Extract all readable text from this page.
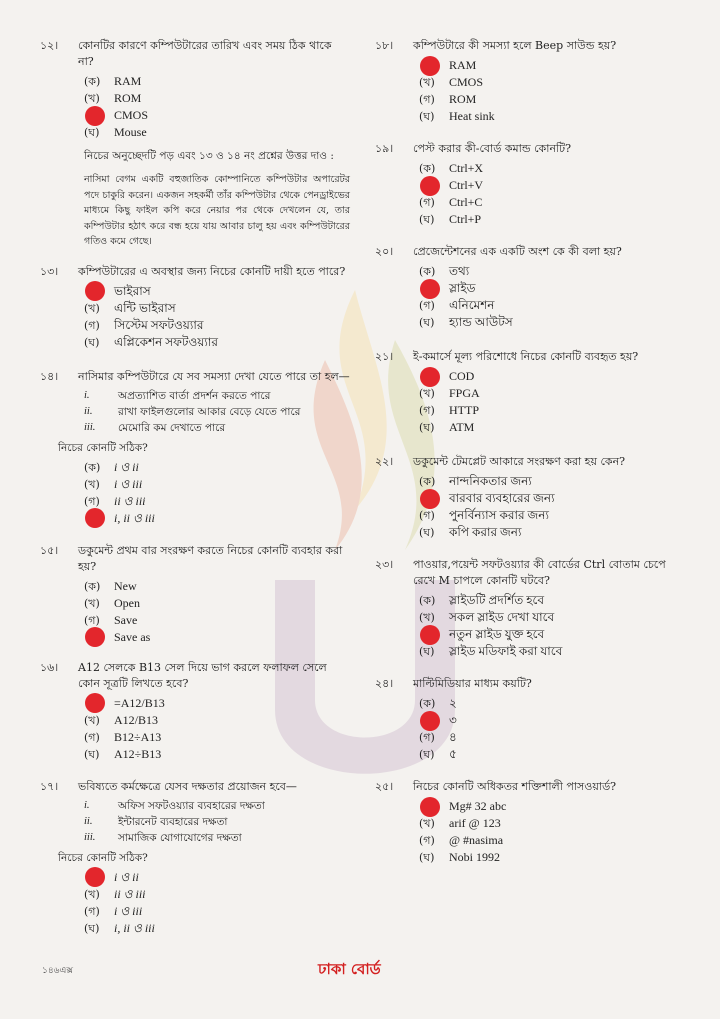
১২।	কোনটির কারণে কম্পিউটারের তারিখ এবং সময় ঠিক থাকে না?
(ক)	RAM
(খ)	ROM
CMOS
(ঘ)	Mouse
নিচের অনুচ্ছেদটি পড় এবং ১৩ ও ১৪ নং প্রশ্নের উত্তর দাও :
নাসিমা বেগম একটি বহুজাতিক কোম্পানিতে কম্পিউটার অপারেটর পদে চাকুরি করেন। একজন সহকর্মী তাঁর কম্পিউটার থেকে পেনড্রাইভের মাধ্যমে কিছু ফাইল কপি করে নেয়ার পর থেকে দেখলেন যে, তার কম্পিউটার হঠাৎ করে বন্ধ হয়ে যায় আবার চালু হয় এবং কম্পিউটারের গতিও কমে গেছে।
১৩।	কম্পিউটারের এ অবস্থার জন্য নিচের কোনটি দায়ী হতে পারে?
ভাইরাস
(খ)	এন্টি ভাইরাস
(গ)	সিস্টেম সফটওয়্যার
(ঘ)	এপ্লিকেশন সফটওয়্যার
১৪।	নাসিমার কম্পিউটারে যে সব সমস্যা দেখা যেতে পারে তা হল—
i.	অপ্রত্যাশিত বার্তা প্রদর্শন করতে পারে
ii.	রাখা ফাইলগুলোর আকার বেড়ে যেতে পারে
iii.	মেমোরি কম দেখাতে পারে
নিচের কোনটি সঠিক?
(ক)	i ও ii
(খ)	i ও iii
(গ)	ii ও iii
i, ii ও iii
১৫।	ডকুমেন্ট প্রথম বার সংরক্ষণ করতে নিচের কোনটি ব্যবহার করা হয়?
(ক)	New
(খ)	Open
(গ)	Save
Save as
১৬।	A12 সেলকে B13 সেল দিয়ে ভাগ করলে ফলাফল সেলে কোন সূত্রটি লিখতে হবে?
=A12/B13
(খ)	A12/B13
(গ)	B12÷A13
(ঘ)	A12÷B13
১৭।	ভবিষ্যতে কর্মক্ষেত্রে যেসব দক্ষতার প্রয়োজন হবে—
i.	অফিস সফটওয়্যার ব্যবহারের দক্ষতা
ii.	ইন্টারনেট ব্যবহারের দক্ষতা
iii.	সামাজিক যোগাযোগের দক্ষতা
নিচের কোনটি সঠিক?
i ও ii
(খ)	ii ও iii
(গ)	i ও iii
(ঘ)	i, ii ও iii
১৮।	কম্পিউটারে কী সমস্যা হলে Beep সাউন্ড হয়?
RAM
(খ)	CMOS
(গ)	ROM
(ঘ)	Heat sink
১৯।	পেস্ট করার কী-বোর্ড কমান্ড কোনটি?
(ক)	Ctrl+X
Ctrl+V
(গ)	Ctrl+C
(ঘ)	Ctrl+P
২০।	প্রেজেন্টেশনের এক একটি অংশ কে কী বলা হয়?
(ক)	তথ্য
স্লাইড
(গ)	এনিমেশন
(ঘ)	হ্যান্ড আউটস
২১।	ই-কমার্সে মূল্য পরিশোধে নিচের কোনটি ব্যবহৃত হয়?
COD
(খ)	FPGA
(গ)	HTTP
(ঘ)	ATM
২২।	ডকুমেন্ট টেমপ্লেট আকারে সংরক্ষণ করা হয় কেন?
(ক)	নান্দনিকতার জন্য
বারবার ব্যবহারের জন্য
(গ)	পুনর্বিন্যাস করার জন্য
(ঘ)	কপি করার জন্য
২৩।	পাওয়ার,পয়েন্ট সফটওয়্যার কী বোর্ডের Ctrl বোতাম চেপে রেখে M চাপলে কোনটি ঘটবে?
(ক)	স্লাইডটি প্রদর্শিত হবে
(খ)	সকল স্লাইড দেখা যাবে
নতুন স্লাইড যুক্ত হবে
(ঘ)	স্লাইড মডিফাই করা যাবে
২৪।	মাল্টিমিডিয়ার মাধ্যম কয়টি?
(ক)	২
৩
(গ)	৪
(ঘ)	৫
২৫।	নিচের কোনটি অধিকতর শক্তিশালী পাসওয়ার্ড?
Mg# 32 abc
(খ)	arif @ 123
(গ)	@ #nasima
(ঘ)	Nobi 1992
১৪৬এক্স	ঢাকা বোর্ড
